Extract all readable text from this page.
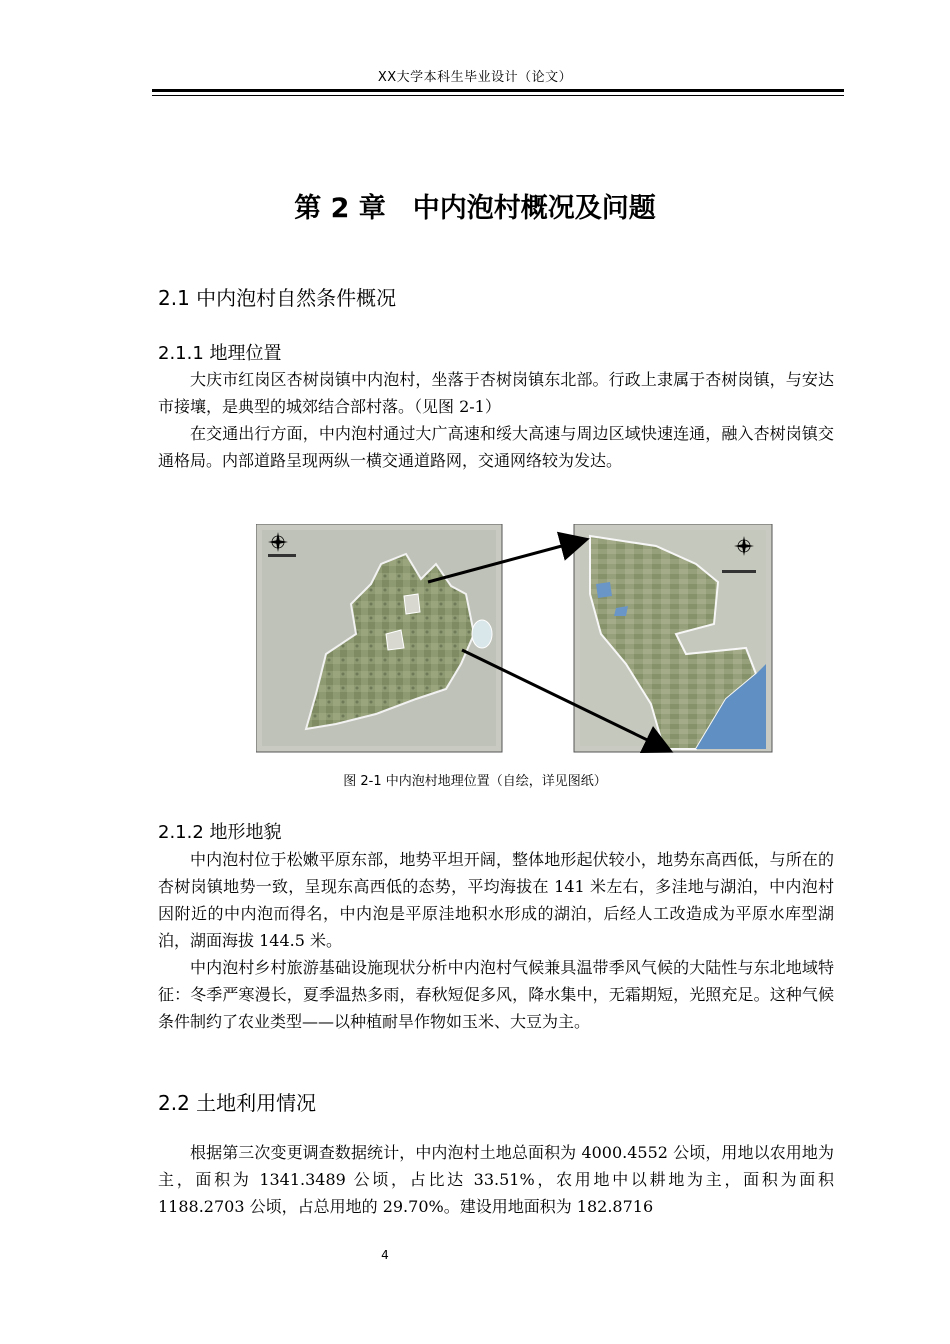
XX大学本科生毕业设计（论文）
第 2 章　中内泡村概况及问题
2.1 中内泡村自然条件概况
2.1.1 地理位置
大庆市红岗区杏树岗镇中内泡村，坐落于杏树岗镇东北部。行政上隶属于杏树岗镇，与安达市接壤，是典型的城郊结合部村落。（见图 2-1）
在交通出行方面，中内泡村通过大广高速和绥大高速与周边区域快速连通，融入杏树岗镇交通格局。内部道路呈现两纵一横交通道路网，交通网络较为发达。
图 2-1 中内泡村地理位置（自绘，详见图纸）
2.1.2 地形地貌
中内泡村位于松嫩平原东部，地势平坦开阔，整体地形起伏较小，地势东高西低，与所在的杏树岗镇地势一致，呈现东高西低的态势，平均海拔在 141 米左右，多洼地与湖泊，中内泡村因附近的中内泡而得名，中内泡是平原洼地积水形成的湖泊，后经人工改造成为平原水库型湖泊，湖面海拔 144.5 米。
中内泡村乡村旅游基础设施现状分析中内泡村气候兼具温带季风气候的大陆性与东北地域特征：冬季严寒漫长，夏季温热多雨，春秋短促多风，降水集中，无霜期短，光照充足。这种气候条件制约了农业类型——以种植耐旱作物如玉米、大豆为主。
2.2 土地利用情况
根据第三次变更调查数据统计，中内泡村土地总面积为 4000.4552 公顷，用地以农用地为主，面积为 1341.3489 公顷，占比达 33.51%，农用地中以耕地为主，面积为面积 1188.2703 公顷，占总用地的 29.70%。建设用地面积为 182.8716
4
